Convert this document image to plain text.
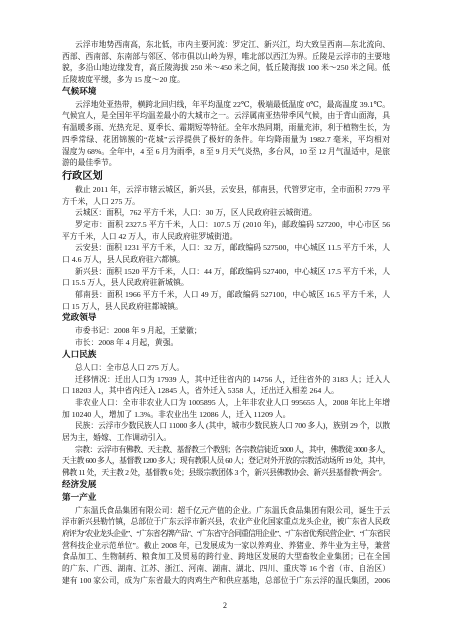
云浮市地势西南高，东北低，市内主要河流：罗定江、新兴江，均大致呈西南—东北流向、
西部、西南部、东南部与邻区、邻市俱以山岭为界，唯北部以西江为界。丘陵是云浮市的主要地
貌，多沿山地边缘发育，高丘陵海拔 250 米～450 米之间，低丘陵海拔 100 米～250 米之间。低
丘陵坡度平缓，多为 15 度～20 度。
气候环境
云浮地处亚热带，横跨北回归线，年平均温度 22℃，极端最低温度 0℃，最高温度 39.1℃。
气候宜人，是全国年平均温差最小的大城市之一。云浮属南亚热带季风气候，由于背山面海，具
有温暖多雨、光热充足、夏季长、霜期短等特征。全年水热同期，雨量充沛，利于植物生长，为
四季常绿、花团锦簇的“花城”云浮提供了极好的条件。年均降雨量为 1982.7 毫米，平均相对
湿度为 68%。全年中，4 至 6 月为雨季，8 至 9 月天气炎热，多台风，10 至 12 月气温适中，是旅
游的最佳季节。
行政区划
截止 2011 年，云浮市辖云城区，新兴县，云安县，郁南县，代管罗定市，全市面积 7779 平
方千米，人口 275 万。
云城区：面积，762 平方千米，人口：30 万，区人民政府驻云城街道。
罗定市：面积 2327.5 平方千米，人口：107.5 万 (2010 年)，邮政编码 527200，中心市区 56
平方千米，人口 42 万人，市人民政府驻罗城街道。
云安县：面积 1231 平方千米，人口：32 万，邮政编码 527500，中心城区 11.5 平方千米，人
口 4.6 万人，县人民政府驻六都镇。
新兴县：面积 1520 平方千米，人口：44 万，邮政编码 527400，中心城区 17.5 平方千米，人
口 15.5 万人，县人民政府驻新城镇。
郁南县：面积 1966 平方千米，人口 49 万，邮政编码 527100，中心城区 16.5 平方千米，人
口 15 万人，县人民政府驻都城镇。
党政领导
市委书记：2008 年 9 月起，王蒙徽；
市长：2008 年 4 月起，黄强。
人口民族
总人口：全市总人口 275 万人。
迁移情况：迁出人口为 17939 人，其中迁往省内的 14756 人，迁往省外的 3183 人；迁入人
口 18203 人，其中省内迁入 12845 人，省外迁入 5358 人，迁出迁入相差 264 人。
非农业人口：全市非农业人口为 1005895 人，上年非农业人口 995655 人，2008 年比上年增
加 10240 人，增加了 1.3%。非农业出生 12086 人，迁入 11209 人。
民族：云浮市少数民族人口 11000 多人 (其中，城市少数民族人口 700 多人)，族别 29 个，以散
居为主，婚嫁、工作调动引入。
宗教：云浮市有佛教、天主教、基督教三个教别；各宗教信徒近 5000 人，其中，佛教徒 3000 多人，
天主教 600 多人，基督教 1200 多人；现有教职人员 60 人；登记对外开放的宗教活动场所 19 处，其中，
佛教 11 处，天主教 2 处，基督教 6 处；县级宗教团体 3 个，新兴县佛教协会、新兴县基督教“两会”。
经济发展
第一产业
广东温氏食品集团有限公司：超千亿元产值的企业。广东温氏食品集团有限公司，诞生于云
浮市新兴县勒竹镇，总部位于广东云浮市新兴县，农业产业化国家重点龙头企业，被广东省人民政
府评为“农业龙头企业”、“广东省名牌产品”、“广东省守合同重信用企业”、“广东省优秀民营企业”、“广东省民
营科技企业示范单位”。截止 2008 年，已发展成为一家以养鸡业、养猪业、养牛业为主导，兼营
食品加工、生物制药、粮食加工及贸易的跨行业、跨地区发展的大型畜牧企业集团；已在全国
的广东、广西、湖南、江苏、浙江、河南、湖南、湖北、四川、重庆等 16 个省（市、自治区）
建有 100 家公司，成为广东省最大的肉鸡生产和供应基地，总部位于广东云浮的温氏集团，2006
2
